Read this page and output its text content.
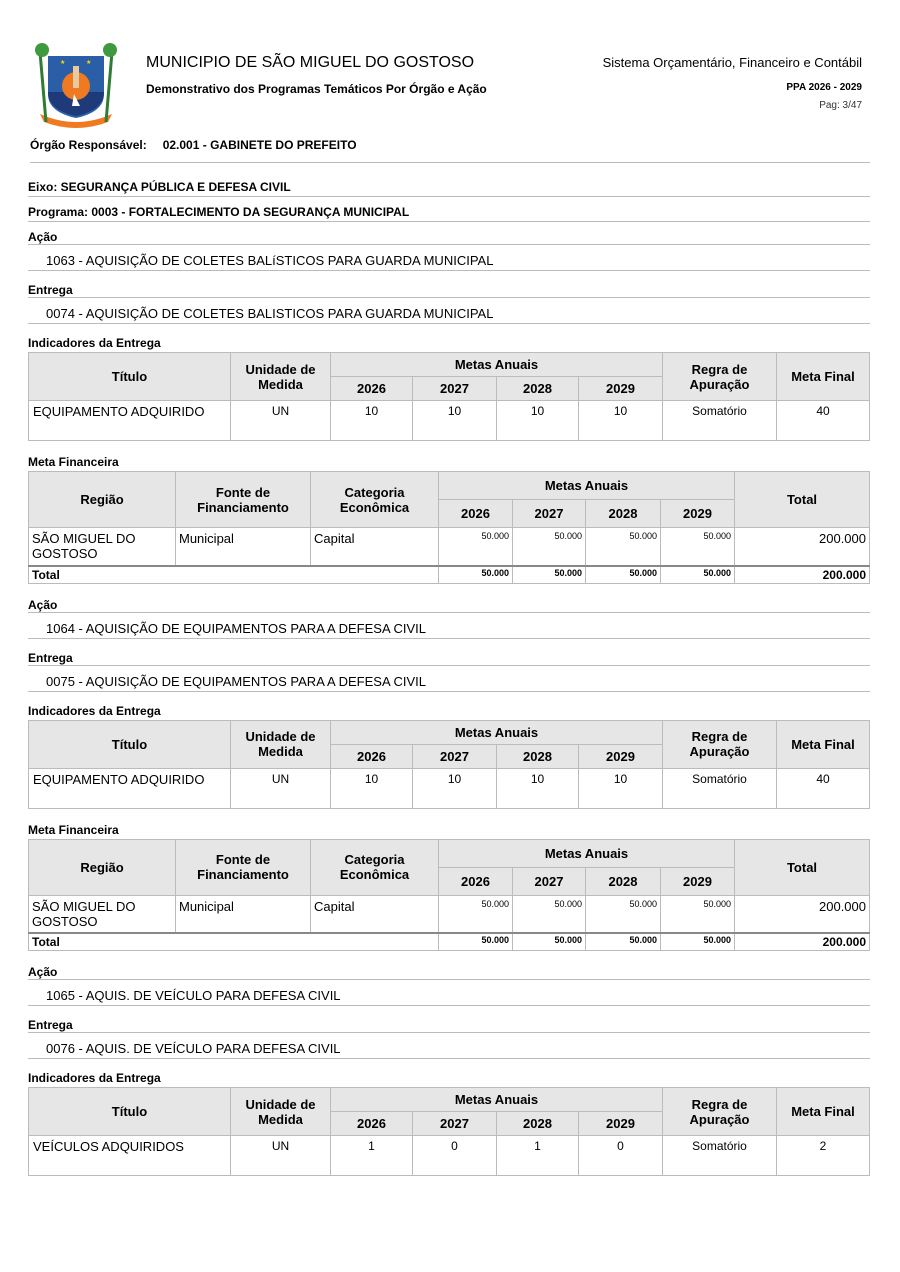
★	★	MUNICIPIO DE SÃO MIGUEL DO GOSTOSO
Demonstrativo dos Programas Temáticos Por Órgão e Ação
Sistema Orçamentário, Financeiro e Contábil
PPA 2026 - 2029
Pag: 3/47
Órgão Responsável: 02.001 - GABINETE DO PREFEITO
Eixo: SEGURANÇA PÚBLICA E DEFESA CIVIL
Programa: 0003 - FORTALECIMENTO DA SEGURANÇA MUNICIPAL
Ação
1063 - AQUISIÇÃO DE COLETES BALíSTICOS PARA GUARDA MUNICIPAL
Entrega
0074 - AQUISIÇÃO DE COLETES BALISTICOS PARA GUARDA MUNICIPAL
Indicadores da Entrega
Título	Unidade de Medida	Metas Anuais				Regra de Apuração	Meta Final
		2026	2027	2028	2029		
EQUIPAMENTO ADQUIRIDO	UN	10	10	10	10	Somatório	40
Meta Financeira
Região	Fonte de Financiamento	Categoria Econômica	Metas Anuais				Total
			2026	2027	2028	2029	
SÃO MIGUEL DO GOSTOSO	Municipal	Capital	50.000	50.000	50.000	50.000	200.000
Total			50.000	50.000	50.000	50.000	200.000
Ação
1064 - AQUISIÇÃO DE EQUIPAMENTOS PARA A DEFESA CIVIL
Entrega
0075 - AQUISIÇÃO DE EQUIPAMENTOS PARA A DEFESA CIVIL
Indicadores da Entrega
Título	Unidade de Medida	Metas Anuais				Regra de Apuração	Meta Final
		2026	2027	2028	2029		
EQUIPAMENTO ADQUIRIDO	UN	10	10	10	10	Somatório	40
Meta Financeira
Região	Fonte de Financiamento	Categoria Econômica	Metas Anuais				Total
			2026	2027	2028	2029	
SÃO MIGUEL DO GOSTOSO	Municipal	Capital	50.000	50.000	50.000	50.000	200.000
Total			50.000	50.000	50.000	50.000	200.000
Ação
1065 - AQUIS. DE VEÍCULO PARA DEFESA CIVIL
Entrega
0076 - AQUIS. DE VEÍCULO PARA DEFESA CIVIL
Indicadores da Entrega
Título	Unidade de Medida	Metas Anuais				Regra de Apuração	Meta Final
		2026	2027	2028	2029		
VEÍCULOS ADQUIRIDOS	UN	1	0	1	0	Somatório	2
